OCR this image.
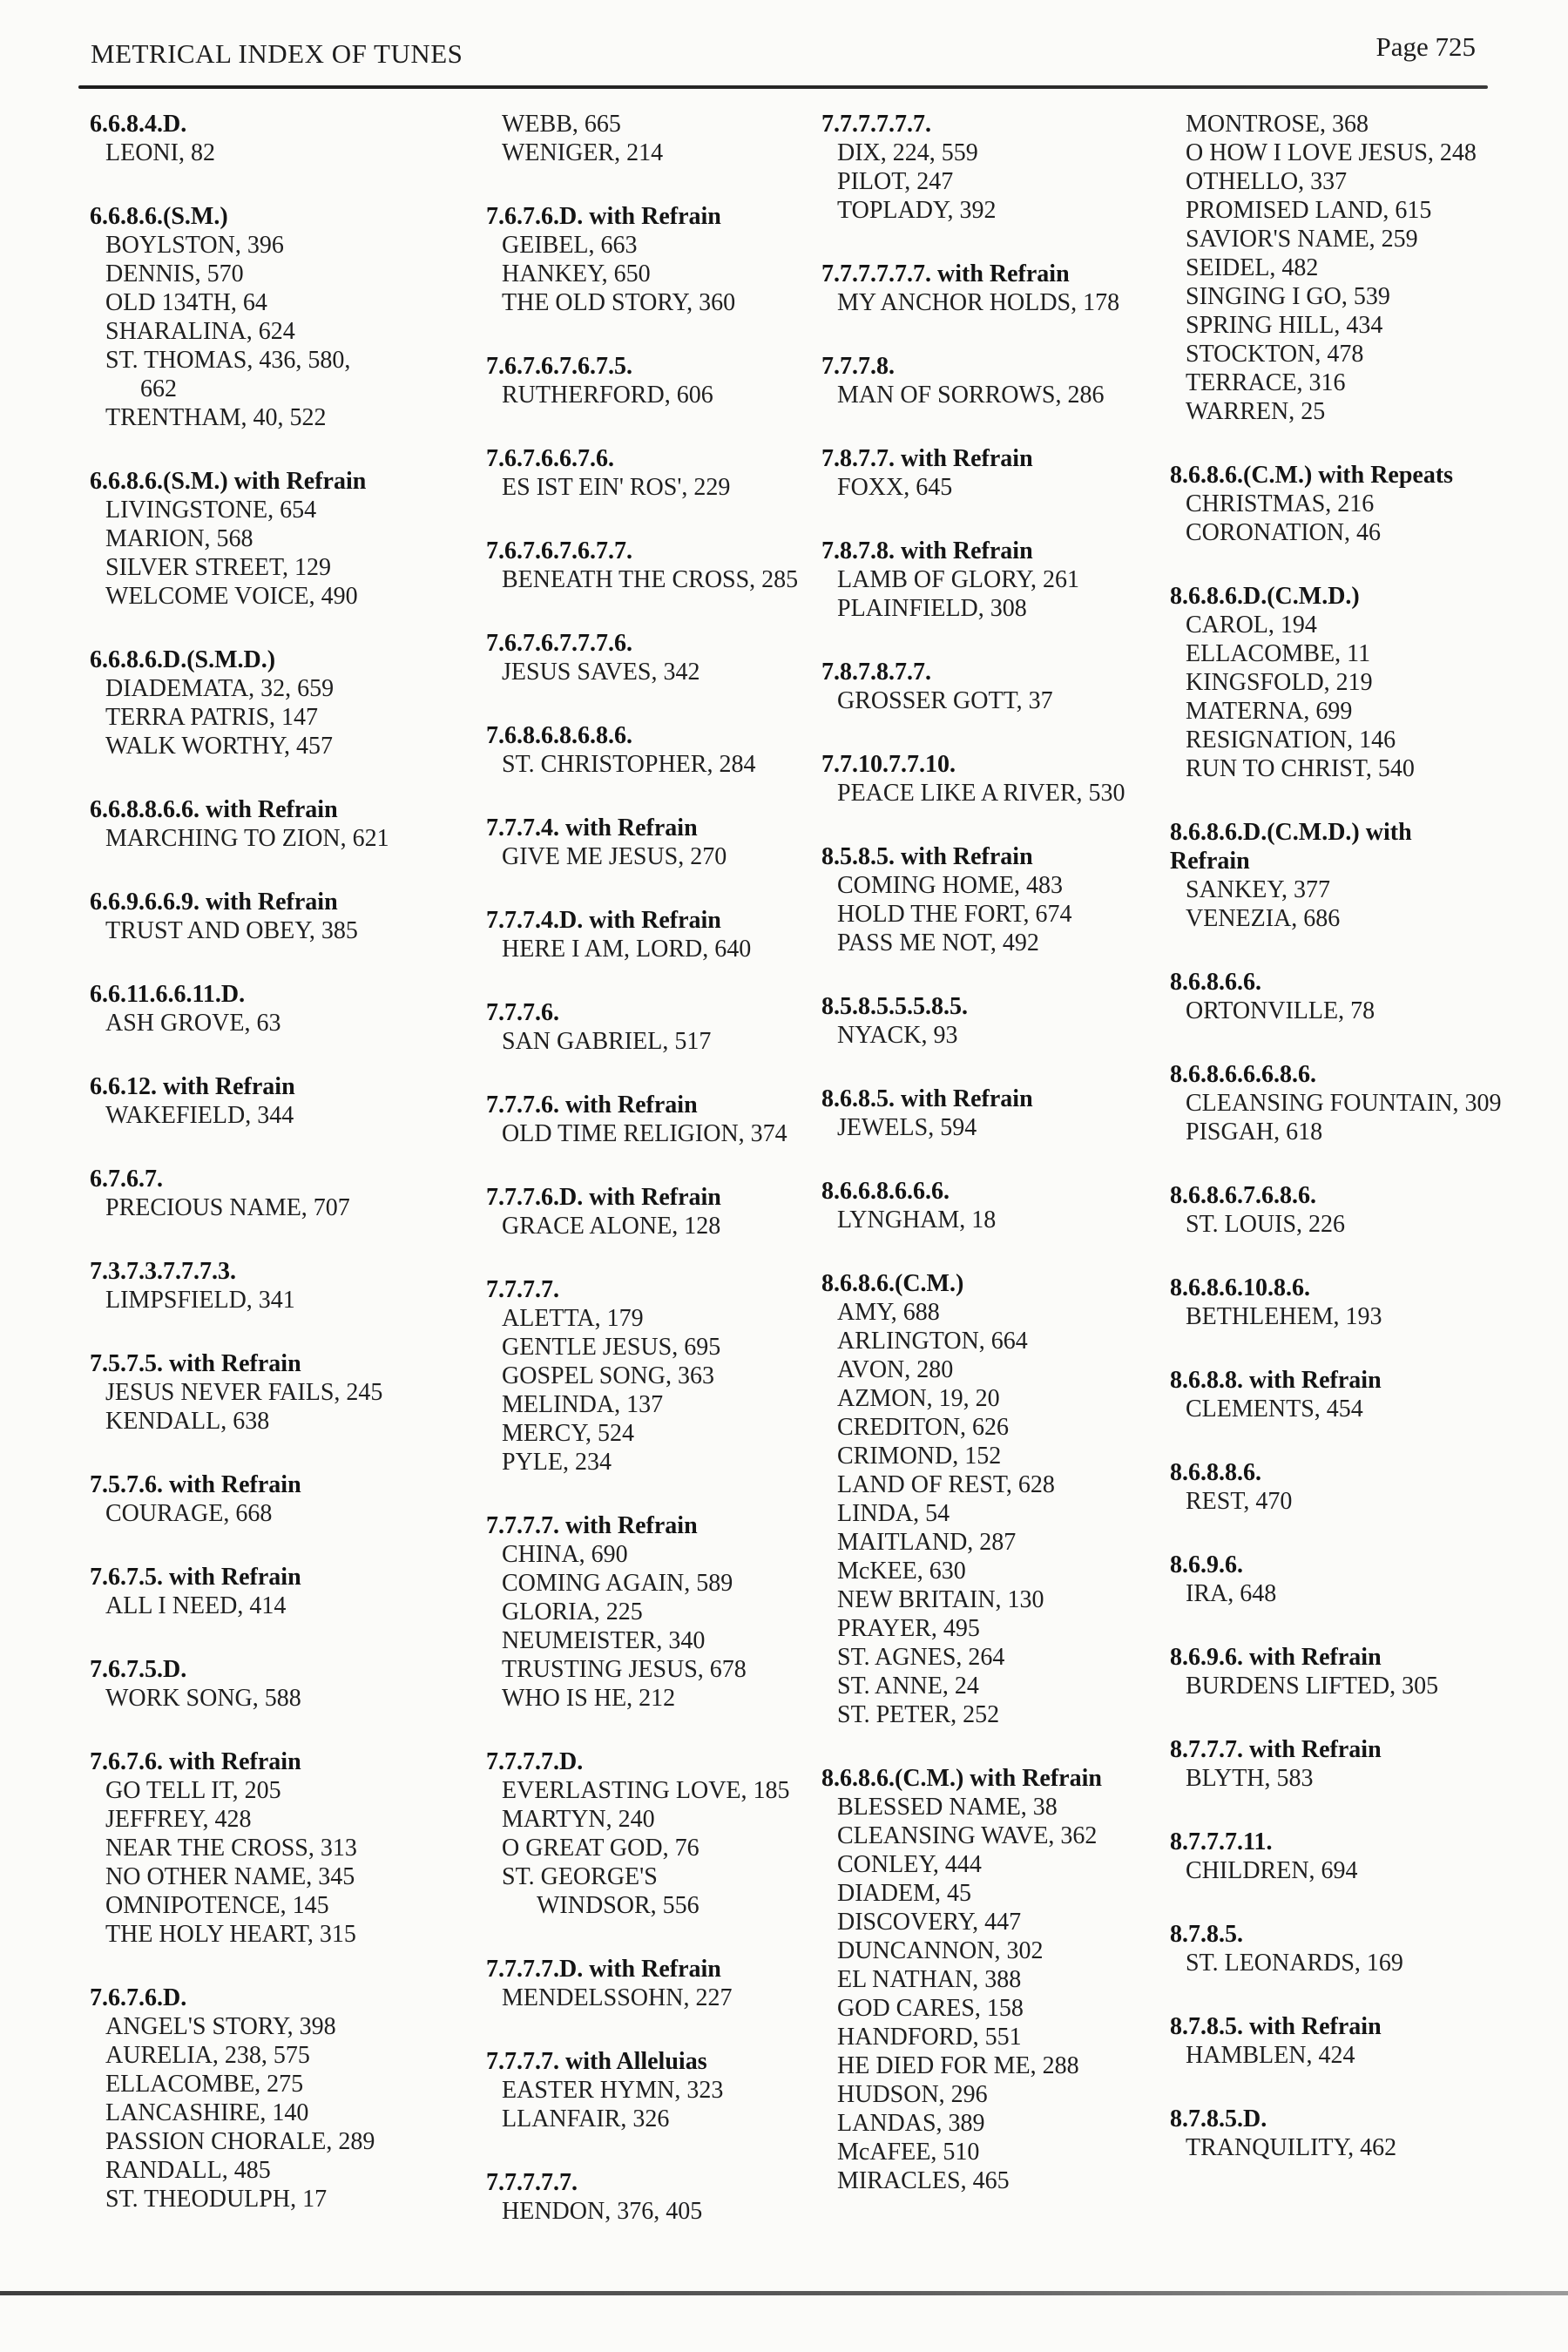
METRICAL INDEX OF TUNES	Page 725
6.6.8.4.D.
LEONI, 82
6.6.8.6.(S.M.)
BOYLSTON, 396
DENNIS, 570
OLD 134TH, 64
SHARALINA, 624
ST. THOMAS, 436, 580,
662
TRENTHAM, 40, 522
6.6.8.6.(S.M.) with Refrain
LIVINGSTONE, 654
MARION, 568
SILVER STREET, 129
WELCOME VOICE, 490
6.6.8.6.D.(S.M.D.)
DIADEMATA, 32, 659
TERRA PATRIS, 147
WALK WORTHY, 457
6.6.8.8.6.6. with Refrain
MARCHING TO ZION, 621
6.6.9.6.6.9. with Refrain
TRUST AND OBEY, 385
6.6.11.6.6.11.D.
ASH GROVE, 63
6.6.12. with Refrain
WAKEFIELD, 344
6.7.6.7.
PRECIOUS NAME, 707
7.3.7.3.7.7.7.3.
LIMPSFIELD, 341
7.5.7.5. with Refrain
JESUS NEVER FAILS, 245
KENDALL, 638
7.5.7.6. with Refrain
COURAGE, 668
7.6.7.5. with Refrain
ALL I NEED, 414
7.6.7.5.D.
WORK SONG, 588
7.6.7.6. with Refrain
GO TELL IT, 205
JEFFREY, 428
NEAR THE CROSS, 313
NO OTHER NAME, 345
OMNIPOTENCE, 145
THE HOLY HEART, 315
7.6.7.6.D.
ANGEL'S STORY, 398
AURELIA, 238, 575
ELLACOMBE, 275
LANCASHIRE, 140
PASSION CHORALE, 289
RANDALL, 485
ST. THEODULPH, 17
WEBB, 665
WENIGER, 214
7.6.7.6.D. with Refrain
GEIBEL, 663
HANKEY, 650
THE OLD STORY, 360
7.6.7.6.7.6.7.5.
RUTHERFORD, 606
7.6.7.6.6.7.6.
ES IST EIN' ROS', 229
7.6.7.6.7.6.7.7.
BENEATH THE CROSS, 285
7.6.7.6.7.7.7.6.
JESUS SAVES, 342
7.6.8.6.8.6.8.6.
ST. CHRISTOPHER, 284
7.7.7.4. with Refrain
GIVE ME JESUS, 270
7.7.7.4.D. with Refrain
HERE I AM, LORD, 640
7.7.7.6.
SAN GABRIEL, 517
7.7.7.6. with Refrain
OLD TIME RELIGION, 374
7.7.7.6.D. with Refrain
GRACE ALONE, 128
7.7.7.7.
ALETTA, 179
GENTLE JESUS, 695
GOSPEL SONG, 363
MELINDA, 137
MERCY, 524
PYLE, 234
7.7.7.7. with Refrain
CHINA, 690
COMING AGAIN, 589
GLORIA, 225
NEUMEISTER, 340
TRUSTING JESUS, 678
WHO IS HE, 212
7.7.7.7.D.
EVERLASTING LOVE, 185
MARTYN, 240
O GREAT GOD, 76
ST. GEORGE'S
WINDSOR, 556
7.7.7.7.D. with Refrain
MENDELSSOHN, 227
7.7.7.7. with Alleluias
EASTER HYMN, 323
LLANFAIR, 326
7.7.7.7.7.
HENDON, 376, 405
7.7.7.7.7.7.
DIX, 224, 559
PILOT, 247
TOPLADY, 392
7.7.7.7.7.7. with Refrain
MY ANCHOR HOLDS, 178
7.7.7.8.
MAN OF SORROWS, 286
7.8.7.7. with Refrain
FOXX, 645
7.8.7.8. with Refrain
LAMB OF GLORY, 261
PLAINFIELD, 308
7.8.7.8.7.7.
GROSSER GOTT, 37
7.7.10.7.7.10.
PEACE LIKE A RIVER, 530
8.5.8.5. with Refrain
COMING HOME, 483
HOLD THE FORT, 674
PASS ME NOT, 492
8.5.8.5.5.5.8.5.
NYACK, 93
8.6.8.5. with Refrain
JEWELS, 594
8.6.6.8.6.6.6.
LYNGHAM, 18
8.6.8.6.(C.M.)
AMY, 688
ARLINGTON, 664
AVON, 280
AZMON, 19, 20
CREDITON, 626
CRIMOND, 152
LAND OF REST, 628
LINDA, 54
MAITLAND, 287
McKEE, 630
NEW BRITAIN, 130
PRAYER, 495
ST. AGNES, 264
ST. ANNE, 24
ST. PETER, 252
8.6.8.6.(C.M.) with Refrain
BLESSED NAME, 38
CLEANSING WAVE, 362
CONLEY, 444
DIADEM, 45
DISCOVERY, 447
DUNCANNON, 302
EL NATHAN, 388
GOD CARES, 158
HANDFORD, 551
HE DIED FOR ME, 288
HUDSON, 296
LANDAS, 389
McAFEE, 510
MIRACLES, 465
MONTROSE, 368
O HOW I LOVE JESUS, 248
OTHELLO, 337
PROMISED LAND, 615
SAVIOR'S NAME, 259
SEIDEL, 482
SINGING I GO, 539
SPRING HILL, 434
STOCKTON, 478
TERRACE, 316
WARREN, 25
8.6.8.6.(C.M.) with Repeats
CHRISTMAS, 216
CORONATION, 46
8.6.8.6.D.(C.M.D.)
CAROL, 194
ELLACOMBE, 11
KINGSFOLD, 219
MATERNA, 699
RESIGNATION, 146
RUN TO CHRIST, 540
8.6.8.6.D.(C.M.D.) with
Refrain
SANKEY, 377
VENEZIA, 686
8.6.8.6.6.
ORTONVILLE, 78
8.6.8.6.6.6.8.6.
CLEANSING FOUNTAIN, 309
PISGAH, 618
8.6.8.6.7.6.8.6.
ST. LOUIS, 226
8.6.8.6.10.8.6.
BETHLEHEM, 193
8.6.8.8. with Refrain
CLEMENTS, 454
8.6.8.8.6.
REST, 470
8.6.9.6.
IRA, 648
8.6.9.6. with Refrain
BURDENS LIFTED, 305
8.7.7.7. with Refrain
BLYTH, 583
8.7.7.7.11.
CHILDREN, 694
8.7.8.5.
ST. LEONARDS, 169
8.7.8.5. with Refrain
HAMBLEN, 424
8.7.8.5.D.
TRANQUILITY, 462
